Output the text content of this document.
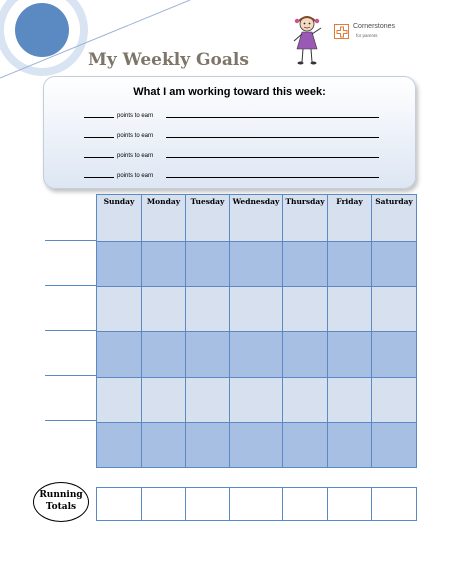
Cornerstones
for parents
My Weekly Goals
What I am working toward this week:
points to earn
points to earn
points to earn
points to earn
Sunday	Monday	Tuesday	Wednesday	Thursday	Friday	Saturday

Running
Totals
